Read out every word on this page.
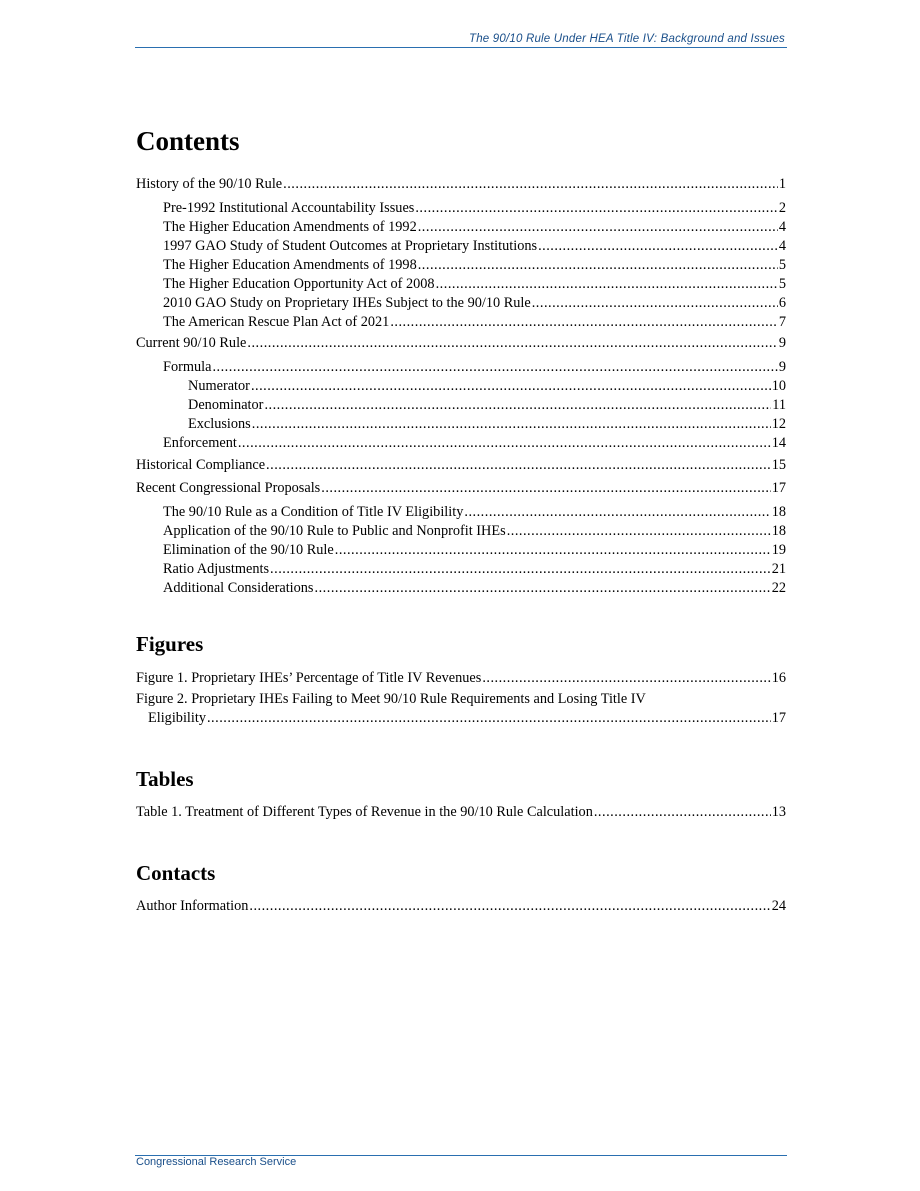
The 90/10 Rule Under HEA Title IV: Background and Issues
Contents
History of the 90/10 Rule .....	1
Pre-1992 Institutional Accountability Issues .....	2
The Higher Education Amendments of 1992 .....	4
1997 GAO Study of Student Outcomes at Proprietary Institutions .....	4
The Higher Education Amendments of 1998 .....	5
The Higher Education Opportunity Act of 2008 .....	5
2010 GAO Study on Proprietary IHEs Subject to the 90/10 Rule .....	6
The American Rescue Plan Act of 2021 .....	7
Current 90/10 Rule .....	9
Formula .....	9
Numerator .....	10
Denominator .....	11
Exclusions .....	12
Enforcement .....	14
Historical Compliance .....	15
Recent Congressional Proposals .....	17
The 90/10 Rule as a Condition of Title IV Eligibility .....	18
Application of the 90/10 Rule to Public and Nonprofit IHEs .....	18
Elimination of the 90/10 Rule .....	19
Ratio Adjustments .....	21
Additional Considerations .....	22
Figures
Figure 1. Proprietary IHEs’ Percentage of Title IV Revenues .....	16
Figure 2. Proprietary IHEs Failing to Meet 90/10 Rule Requirements and Losing Title IV
Eligibility .....	17
Tables
Table 1. Treatment of Different Types of Revenue in the 90/10 Rule Calculation .....	13
Contacts
Author Information .....	24
Congressional Research Service
